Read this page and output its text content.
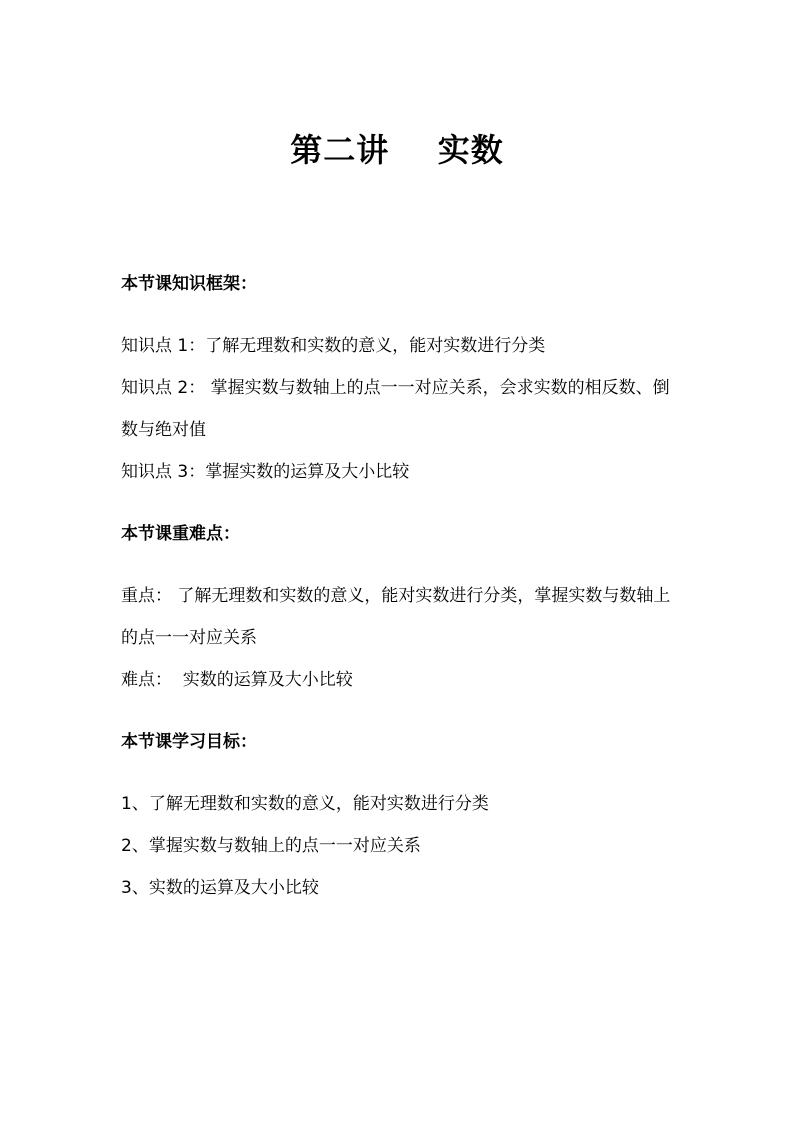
第二讲    实数
本节课知识框架：
知识点 1：了解无理数和实数的意义，能对实数进行分类
知识点 2： 掌握实数与数轴上的点一一对应关系，会求实数的相反数、倒数与绝对值
知识点 3：掌握实数的运算及大小比较
本节课重难点：
重点： 了解无理数和实数的意义，能对实数进行分类，掌握实数与数轴上的点一一对应关系
难点：  实数的运算及大小比较
本节课学习目标：
1、了解无理数和实数的意义，能对实数进行分类
2、掌握实数与数轴上的点一一对应关系
3、实数的运算及大小比较
